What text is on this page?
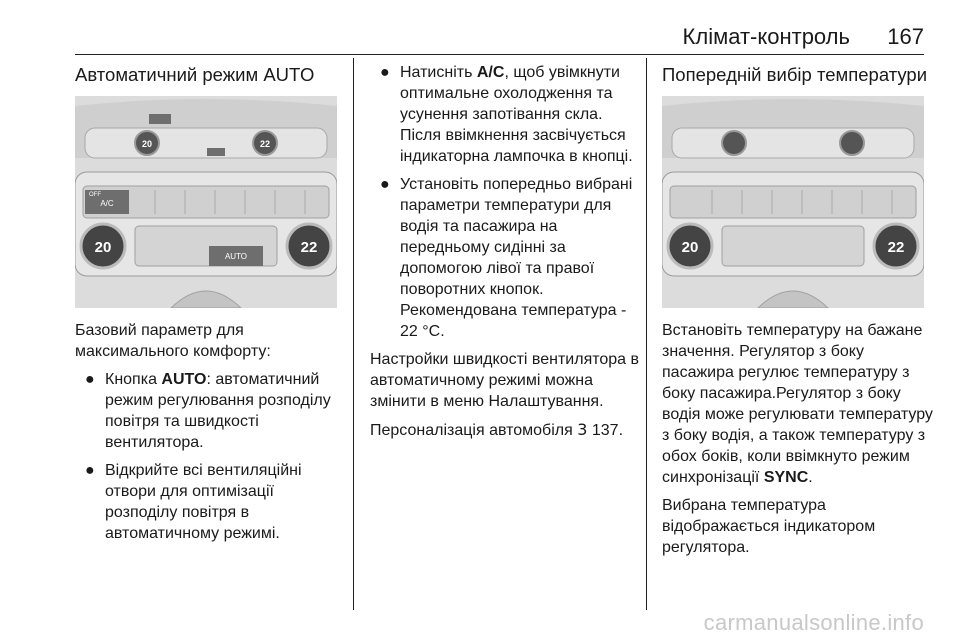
Клімат-контроль 167
Автоматичний режим AUTO
20	22
OFF
A/C
20	22
AUTO

Базовий параметр для максимального комфорту:

● Кнопка AUTO: автоматичний режим регулювання розподілу повітря та швидкості вентилятора.
● Відкрийте всі вентиляційні отвори для оптимізації розподілу повітря в автоматичному режимі.
● Натисніть A/C, щоб увімкнути оптимальне охолодження та усунення запотівання скла. Після ввімкнення засвічується індикаторна лампочка в кнопці.
● Установіть попередньо вибрані параметри температури для водія та пасажира на передньому сидінні за допомогою лівої та правої поворотних кнопок. Рекомендована температура - 22 °C.

Настройки швидкості вентилятора в автоматичному режимі можна змінити в меню Налаштування.

Персоналізація автомобіля 3 137.

Попередній вибір температури
20	22

Встановіть температуру на бажане значення. Регулятор з боку пасажира регулює температуру з боку пасажира.Регулятор з боку водія може регулювати температуру з боку водія, а також температуру з обох боків, коли ввімкнуто режим синхронізації SYNC.

Вибрана температура відображається індикатором регулятора.

carmanualsonline.info
